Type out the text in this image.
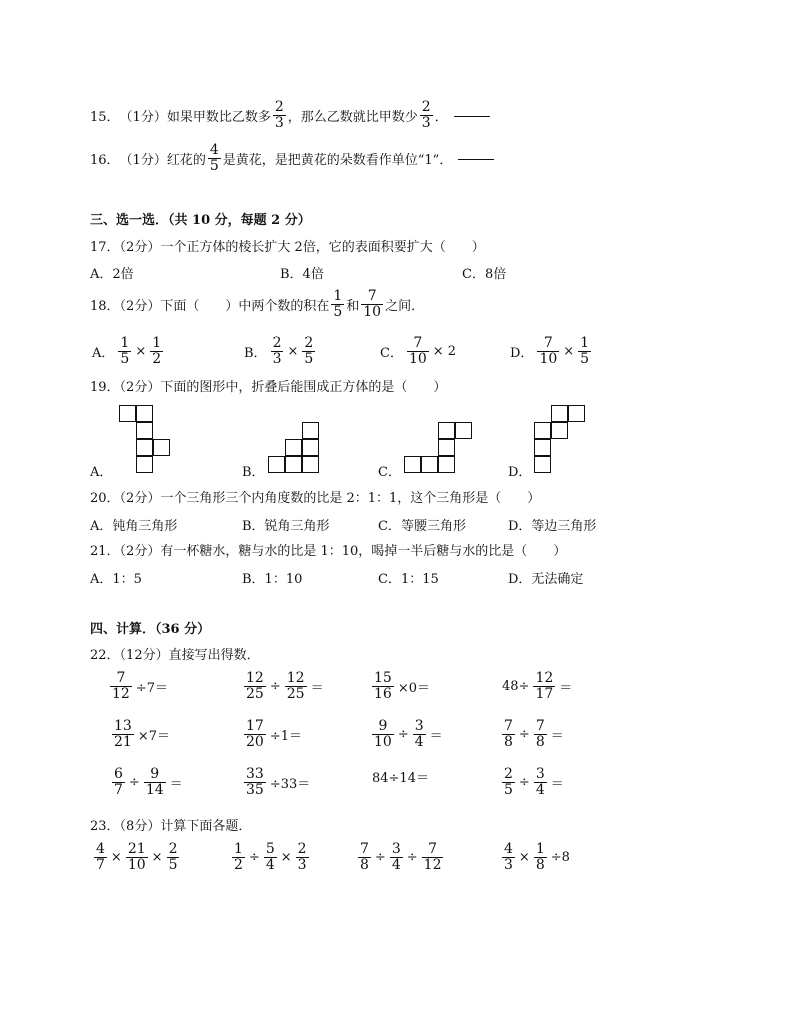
15． （1分） 如果甲数比乙数多 $\frac{2}{3}$ ，那么乙数就比甲数少 $\frac{2}{3}$ ．
16． （1分） 红花的 $\frac{4}{5}$ 是黄花，是把黄花的朵数看作单位“1”．
三、选一选．（共 10 分，每题 2 分）
17．（2分）一个正方体的棱长扩大 2倍，它的表面积要扩大（　　）
A．2倍	B．4倍	C．8倍
18．（2分）下面（　　）中两个数的积在 $\frac{1}{5}$ 和 $\frac{7}{10}$ 之间．
A． $\frac{1}{5} \times \frac{1}{2}$	B． $\frac{2}{3} \times \frac{2}{5}$	C． $\frac{7}{10} \times 2$	D． $\frac{7}{10} \times \frac{1}{5}$
19．（2分）下面的图形中，折叠后能围成正方体的是（　　）
A．	B．	C．	D．
20．（2分）一个三角形三个内角度数的比是 2：1：1，这个三角形是（　　）
A．钝角三角形	B．锐角三角形	C．等腰三角形	D．等边三角形
21．（2分）有一杯糖水，糖与水的比是 1：10，喝掉一半后糖与水的比是（　　）
A．1：5	B．1：10	C．1：15	D．无法确定
四、计算．（36 分）
22．（12分）直接写出得数．
$\frac{7}{12} \div 7=$	$\frac{12}{25} \div \frac{12}{25}$ ＝	$\frac{15}{16} \times 0=$	$48\div \frac{12}{17}$ ＝
$\frac{13}{21} \times 7=$	$\frac{17}{20} \div 1=$	$\frac{9}{10} \div \frac{3}{4}$ ＝	$\frac{7}{8} \div \frac{7}{8}$ ＝
$\frac{6}{7} \div \frac{9}{14}$ ＝	$\frac{33}{35} \div 33=$	84÷14＝	$\frac{2}{5} \div \frac{3}{4}$ ＝
$\frac{4}{7} \times \frac{21}{10} \times \frac{2}{5}$	$\frac{1}{2} \div \frac{5}{4} \times \frac{2}{3}$	$\frac{7}{8} \div \frac{3}{4} \div \frac{7}{12}$	$\frac{4}{3} \times \frac{1}{8} \div 8$
23．（8分）计算下面各题．
